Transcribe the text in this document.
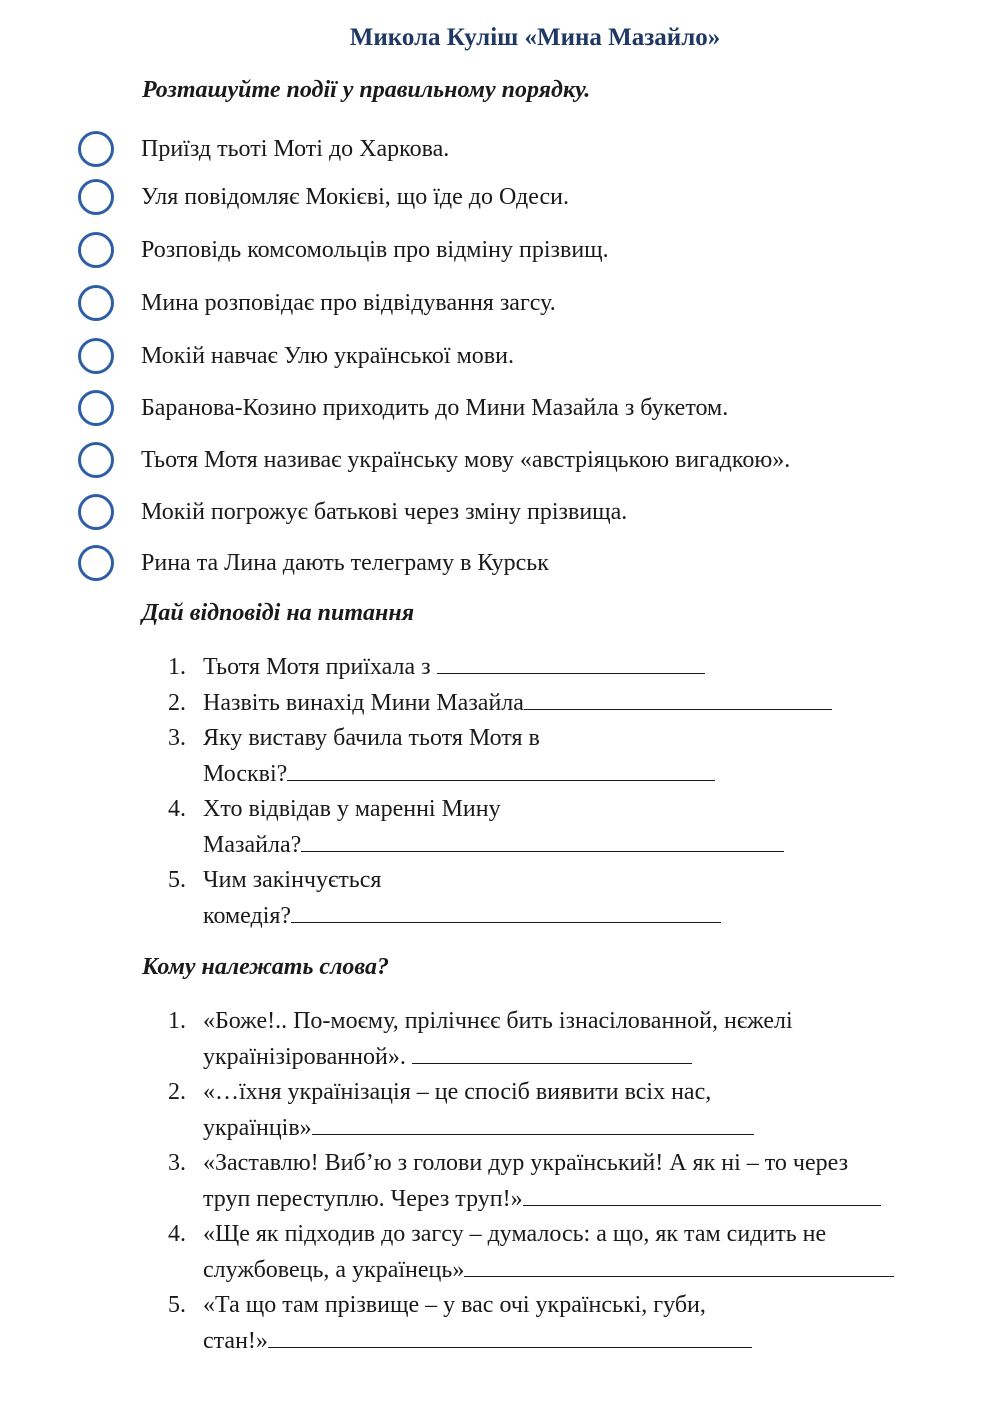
Микола Куліш «Мина Мазайло»
Розташуйте події у правильному порядку.
Приїзд тьоті Моті до Харкова.
Уля повідомляє Мокієві, що їде до Одеси.
Розповідь комсомольців про відміну прізвищ.
Мина розповідає про відвідування загсу.
Мокій навчає Улю української мови.
Баранова-Козино приходить до Мини Мазайла з букетом.
Тьотя Мотя називає українську мову «австріяцькою вигадкою».
Мокій погрожує батькові через зміну прізвища.
Рина та Лина дають телеграму в Курськ
Дай відповіді на питання
1. Тьотя Мотя приїхала з
2. Назвіть винахід Мини Мазайла
3. Яку виставу бачила тьотя Мотя в
Москві?
4. Хто відвідав у маренні Мину
Мазайла?
5. Чим закінчується
комедія?
Кому належать слова?
1. «Боже!.. По-моєму, прілічнєє бить ізнасілованной, нєжелі
українізірованной».
2. «…їхня українізація – це спосіб виявити всіх нас,
українців»
3. «Заставлю! Виб’ю з голови дур український! А як ні – то через
труп переступлю. Через труп!»
4. «Ще як підходив до загсу – думалось: а що, як там сидить не
службовець, а українець»
5. «Та що там прізвище – у вас очі українські, губи,
стан!»
